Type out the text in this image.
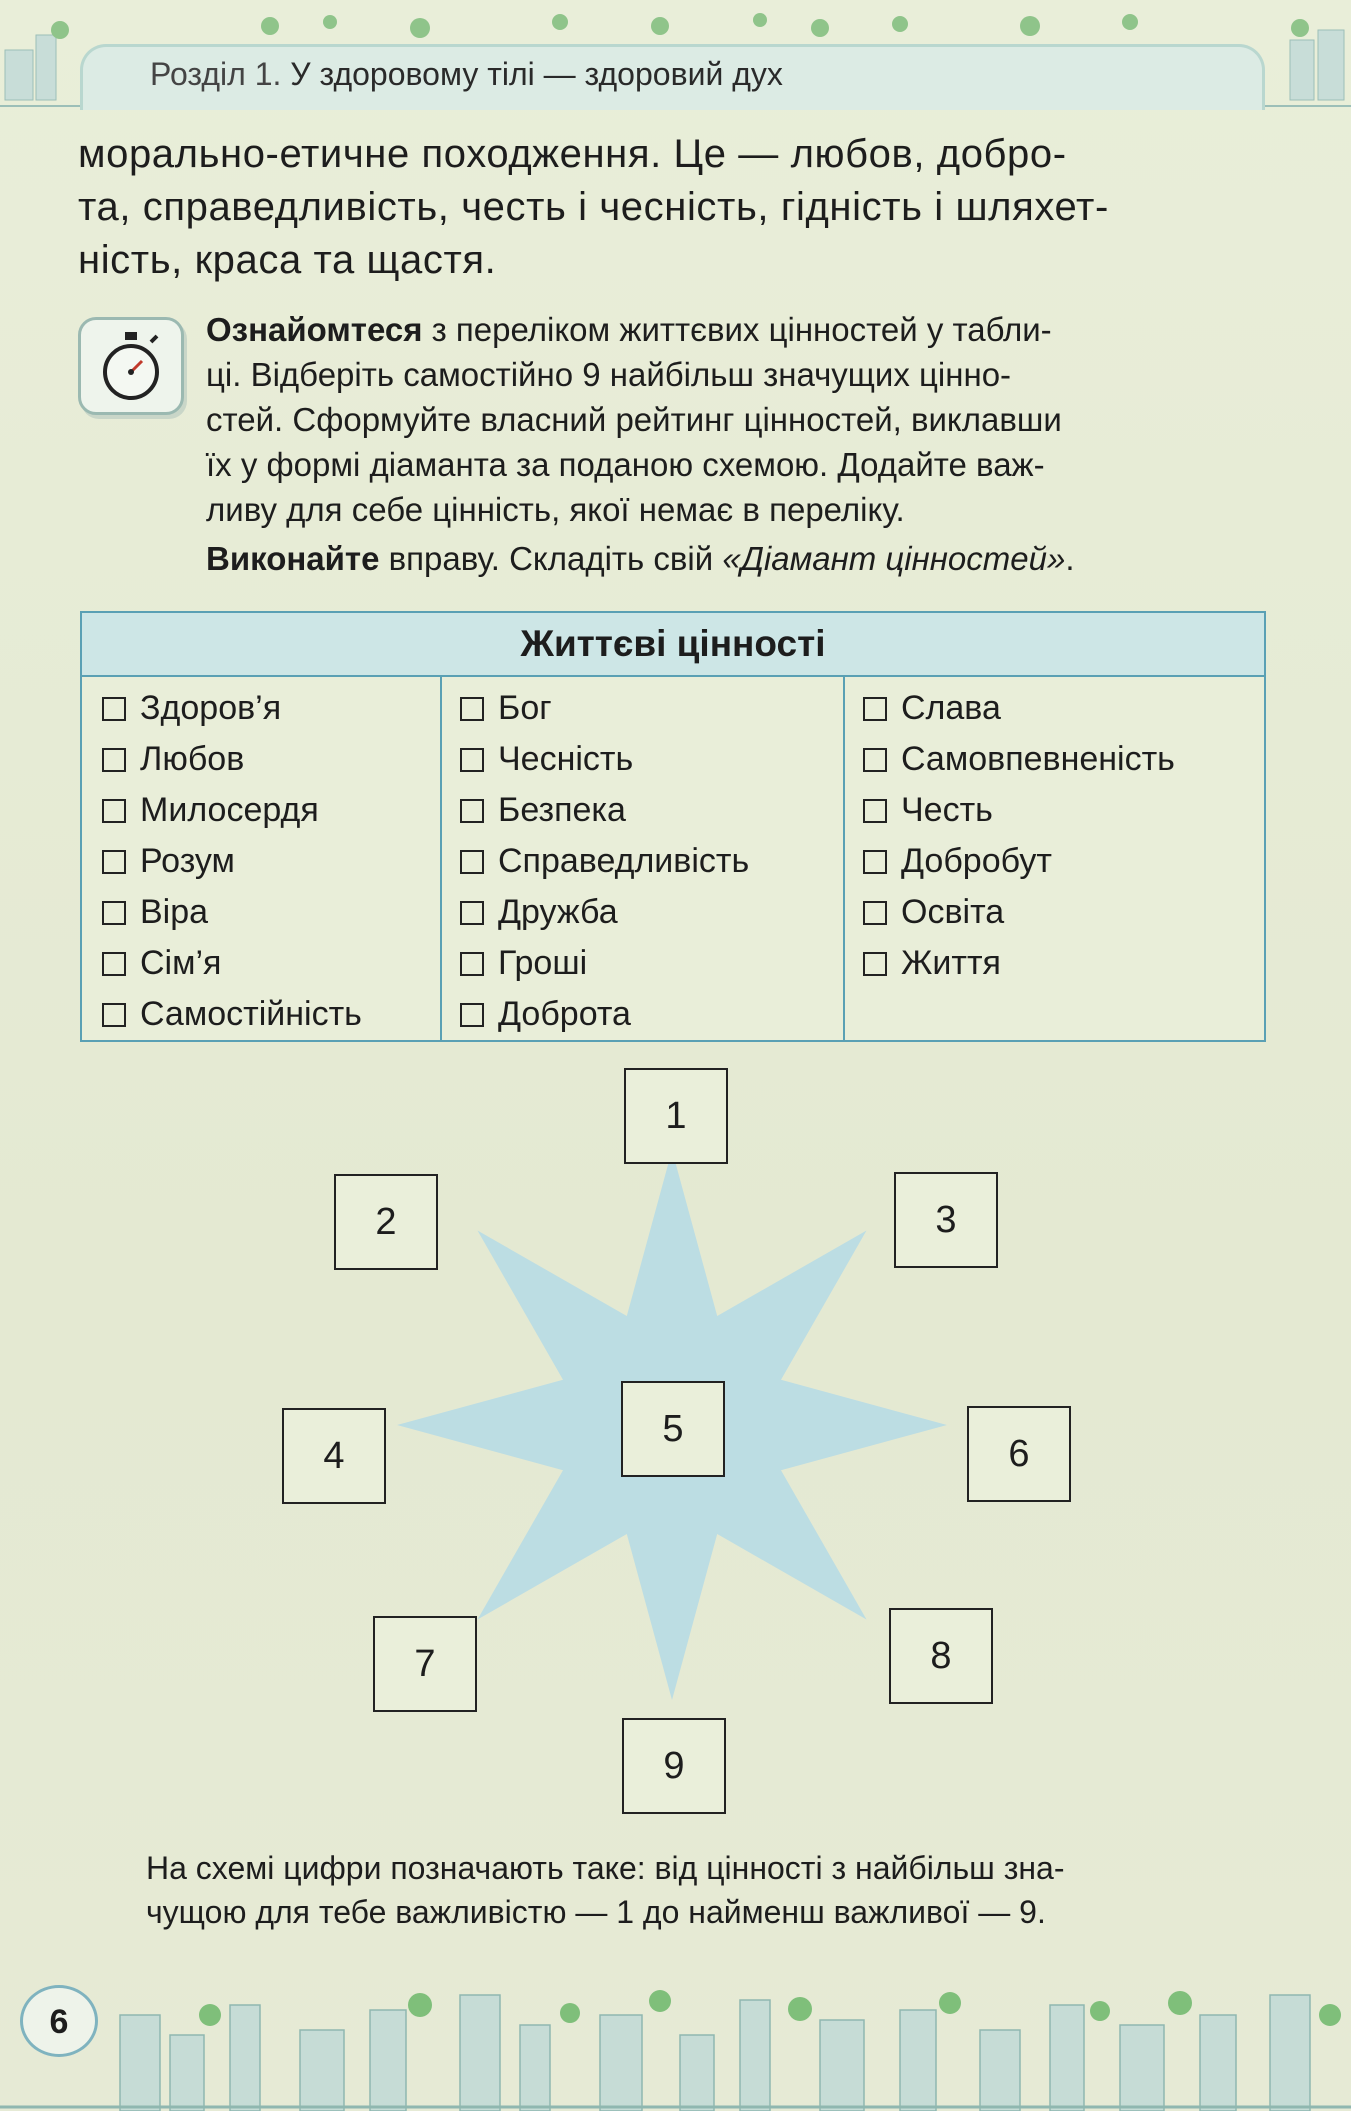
Розділ 1. У здоровому тілі — здоровий дух
морально-етичне походження. Це — любов, добро-
та, справедливість, честь і чесність, гідність і шляхет-
ність, краса та щастя.
Ознайомтеся з переліком життєвих цінностей у табли-
ці. Відберіть самостійно 9 найбільш значущих ціннo-
стей. Сформуйте власний рейтинг цінностей, виклавши
їх у формі діаманта за поданою схемою. Додайте важ-
ливу для себе цінність, якої немає в переліку.
Виконайте вправу. Складіть свій «Діамант цінностей».
Життєві цінності
Здоров’я
Любов
Милосердя
Розум
Віра
Сім’я
Самостійність
Бог
Чесність
Безпека
Справедливість
Дружба
Гроші
Доброта
Слава
Самовпевненість
Честь
Добробут
Освіта
Життя
1
2	3
4
5
6
7	8
9
На схемі цифри позначають таке: від цінності з найбільш зна-
чущою для тебе важливістю — 1 до найменш важливої — 9.
6
